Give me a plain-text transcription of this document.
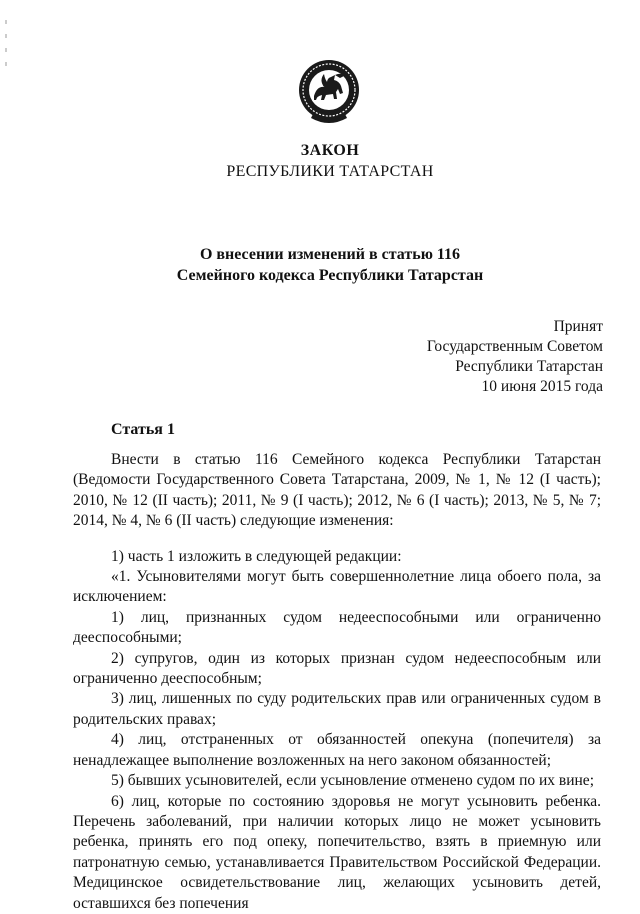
ЗАКОН
РЕСПУБЛИКИ ТАТАРСТАН
О внесении изменений в статью 116
Семейного кодекса Республики Татарстан
Принят
Государственным Советом
Республики Татарстан
10 июня 2015 года
Статья 1

Внести в статью 116 Семейного кодекса Республики Татарстан (Ведомости Государственного Совета Татарстана, 2009, № 1, № 12 (I часть); 2010, № 12 (II часть); 2011, № 9 (I часть); 2012, № 6 (I часть); 2013, № 5, № 7; 2014, № 4, № 6 (II часть) следующие изменения:

1) часть 1 изложить в следующей редакции:

«1. Усыновителями могут быть совершеннолетние лица обоего пола, за исключением:

1) лиц, признанных судом недееспособными или ограниченно дееспособными;

2) супругов, один из которых признан судом недееспособным или ограниченно дееспособным;

3) лиц, лишенных по суду родительских прав или ограниченных судом в родительских правах;

4) лиц, отстраненных от обязанностей опекуна (попечителя) за ненадлежащее выполнение возложенных на него законом обязанностей;

5) бывших усыновителей, если усыновление отменено судом по их вине;

6) лиц, которые по состоянию здоровья не могут усыновить ребенка. Перечень заболеваний, при наличии которых лицо не может усыновить ребенка, принять его под опеку, попечительство, взять в приемную или патронатную семью, устанавливается Правительством Российской Федерации. Медицинское освидетельствование лиц, желающих усыновить детей, оставшихся без попечения
